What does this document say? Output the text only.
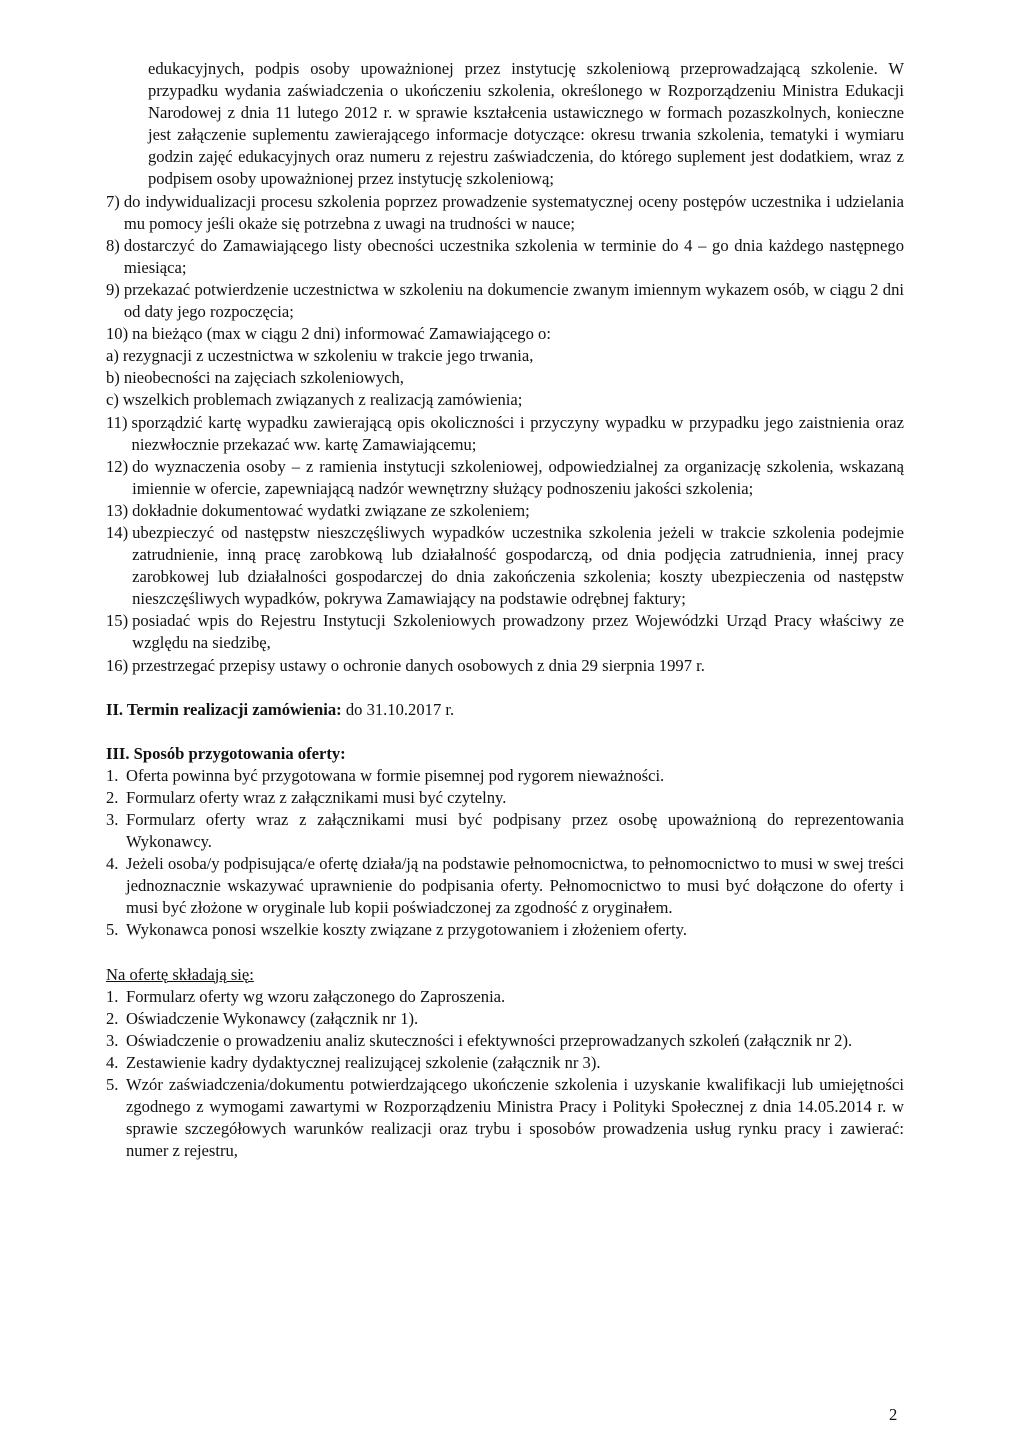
edukacyjnych, podpis osoby upoważnionej przez instytucję szkoleniową przeprowadzającą szkolenie. W przypadku wydania zaświadczenia o ukończeniu szkolenia, określonego w Rozporządzeniu Ministra Edukacji Narodowej z dnia 11 lutego 2012 r. w sprawie kształcenia ustawicznego w formach pozaszkolnych, konieczne jest załączenie suplementu zawierającego informacje dotyczące: okresu trwania szkolenia, tematyki i wymiaru godzin zajęć edukacyjnych oraz numeru z rejestru zaświadczenia, do którego suplement jest dodatkiem, wraz z podpisem osoby upoważnionej przez instytucję szkoleniową;

7) do indywidualizacji procesu szkolenia poprzez prowadzenie systematycznej oceny postępów uczestnika i udzielania mu pomocy jeśli okaże się potrzebna z uwagi na trudności w nauce;
8) dostarczyć do Zamawiającego listy obecności uczestnika szkolenia w terminie do 4 – go dnia każdego następnego miesiąca;
9) przekazać potwierdzenie uczestnictwa w szkoleniu na dokumencie zwanym imiennym wykazem osób, w ciągu 2 dni od daty jego rozpoczęcia;
10) na bieżąco (max w ciągu 2 dni) informować Zamawiającego o:
a) rezygnacji z uczestnictwa w szkoleniu w trakcie jego trwania,
b) nieobecności na zajęciach szkoleniowych,
c) wszelkich problemach związanych z realizacją zamówienia;
11) sporządzić kartę wypadku zawierającą opis okoliczności i przyczyny wypadku w przypadku jego zaistnienia oraz niezwłocznie przekazać ww. kartę Zamawiającemu;
12) do wyznaczenia osoby – z ramienia instytucji szkoleniowej, odpowiedzialnej za organizację szkolenia, wskazaną imiennie w ofercie, zapewniającą nadzór wewnętrzny służący podnoszeniu jakości szkolenia;
13) dokładnie dokumentować wydatki związane ze szkoleniem;
14) ubezpieczyć od następstw nieszczęśliwych wypadków uczestnika szkolenia jeżeli w trakcie szkolenia podejmie zatrudnienie, inną pracę zarobkową lub działalność gospodarczą, od dnia podjęcia zatrudnienia, innej pracy zarobkowej lub działalności gospodarczej do dnia zakończenia szkolenia; koszty ubezpieczenia od następstw nieszczęśliwych wypadków, pokrywa Zamawiający na podstawie odrębnej faktury;
15) posiadać wpis do Rejestru Instytucji Szkoleniowych prowadzony przez Wojewódzki Urząd Pracy właściwy ze względu na siedzibę,
16) przestrzegać przepisy ustawy o ochronie danych osobowych z dnia 29 sierpnia 1997 r.

II. Termin realizacji zamówienia: do 31.10.2017 r.

III. Sposób przygotowania oferty:

1. Oferta powinna być przygotowana w formie pisemnej pod rygorem nieważności.
2. Formularz oferty wraz z załącznikami musi być czytelny.
3. Formularz oferty wraz z załącznikami musi być podpisany przez osobę upoważnioną do reprezentowania Wykonawcy.
4. Jeżeli osoba/y podpisująca/e ofertę działa/ją na podstawie pełnomocnictwa, to pełnomocnictwo to musi w swej treści jednoznacznie wskazywać uprawnienie do podpisania oferty. Pełnomocnictwo to musi być dołączone do oferty i musi być złożone w oryginale lub kopii poświadczonej za zgodność z oryginałem.
5. Wykonawca ponosi wszelkie koszty związane z przygotowaniem i złożeniem oferty.

Na ofertę składają się:

1. Formularz oferty wg wzoru załączonego do Zaproszenia.
2. Oświadczenie Wykonawcy (załącznik nr 1).
3. Oświadczenie o prowadzeniu analiz skuteczności i efektywności przeprowadzanych szkoleń (załącznik nr 2).
4. Zestawienie kadry dydaktycznej realizującej szkolenie (załącznik nr 3).
5. Wzór zaświadczenia/dokumentu potwierdzającego ukończenie szkolenia i uzyskanie kwalifikacji lub umiejętności zgodnego z wymogami zawartymi w Rozporządzeniu Ministra Pracy i Polityki Społecznej z dnia 14.05.2014 r. w sprawie szczegółowych warunków realizacji oraz trybu i sposobów prowadzenia usług rynku pracy i zawierać: numer z rejestru,
2
